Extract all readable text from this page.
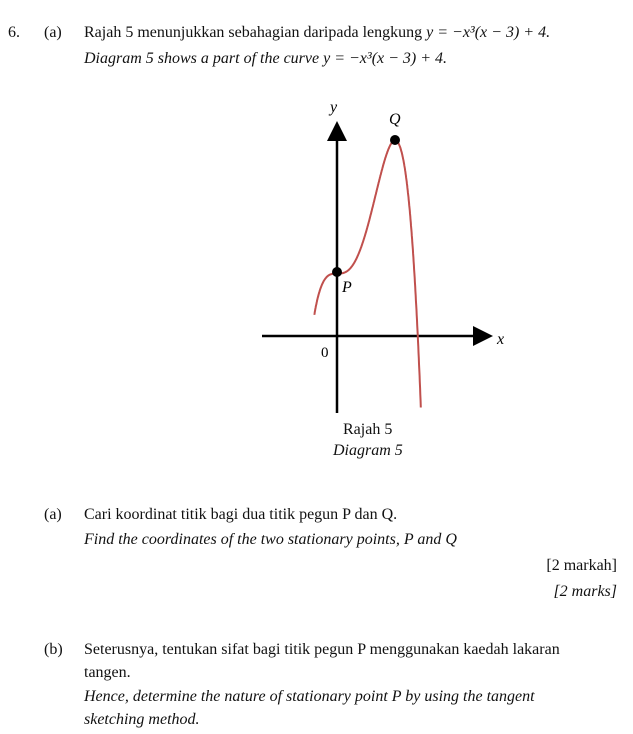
6. (a) Rajah 5 menunjukkan sebahagian daripada lengkung y = −x³(x − 3) + 4.
Diagram 5 shows a part of the curve y = −x³(x − 3) + 4.
y
x
0
P
Q
Rajah 5
Diagram 5
(a) Cari koordinat titik bagi dua titik pegun P dan Q.
Find the coordinates of the two stationary points, P and Q
[2 markah]
[2 marks]
(b) Seterusnya, tentukan sifat bagi titik pegun P menggunakan kaedah lakaran
tangen.
Hence, determine the nature of stationary point P by using the tangent
sketching method.
